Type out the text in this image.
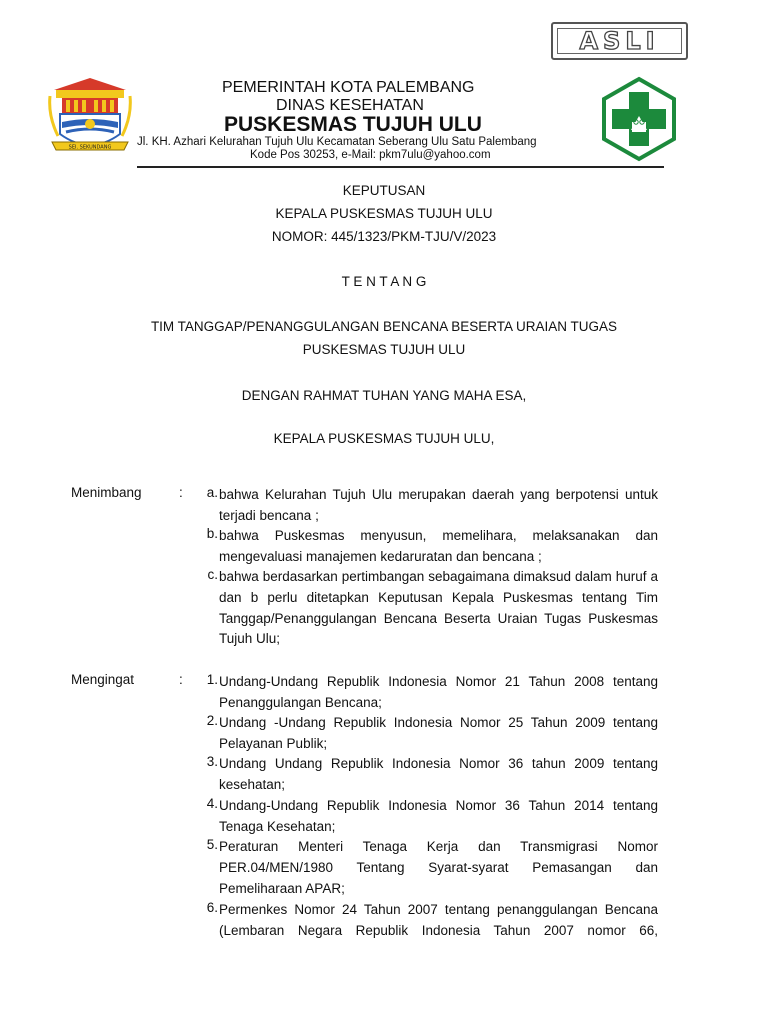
ASLI
SEI. SEKUNDANG
PEMERINTAH KOTA PALEMBANG
DINAS KESEHATAN
PUSKESMAS TUJUH ULU
Jl. KH. Azhari Kelurahan Tujuh Ulu Kecamatan Seberang Ulu Satu Palembang
Kode Pos 30253, e-Mail: pkm7ulu@yahoo.com
KEPUTUSAN
KEPALA PUSKESMAS TUJUH ULU
NOMOR: 445/1323/PKM-TJU/V/2023
T E N T A N G
TIM TANGGAP/PENANGGULANGAN BENCANA BESERTA URAIAN TUGAS
PUSKESMAS TUJUH ULU
DENGAN RAHMAT TUHAN YANG MAHA ESA,
KEPALA PUSKESMAS TUJUH ULU,
Menimbang	:	a. bahwa Kelurahan Tujuh Ulu merupakan daerah yang berpotensi untuk terjadi bencana ;
b. bahwa Puskesmas menyusun, memelihara, melaksanakan dan mengevaluasi manajemen kedaruratan dan bencana ;
c. bahwa berdasarkan pertimbangan sebagaimana dimaksud dalam huruf a dan b perlu ditetapkan Keputusan Kepala Puskesmas tentang Tim Tanggap/Penanggulangan Bencana Beserta Uraian Tugas Puskesmas Tujuh Ulu;
Mengingat	:	1. Undang-Undang Republik Indonesia Nomor 21 Tahun 2008 tentang Penanggulangan Bencana;
2. Undang -Undang Republik Indonesia Nomor 25 Tahun 2009 tentang Pelayanan Publik;
3. Undang Undang Republik Indonesia Nomor 36 tahun 2009 tentang kesehatan;
4. Undang-Undang Republik Indonesia Nomor 36 Tahun 2014 tentang Tenaga Kesehatan;
5. Peraturan Menteri Tenaga Kerja dan Transmigrasi Nomor PER.04/MEN/1980 Tentang Syarat-syarat Pemasangan dan Pemeliharaan APAR;
6. Permenkes Nomor 24 Tahun 2007 tentang penanggulangan Bencana (Lembaran Negara Republik Indonesia Tahun 2007 nomor 66,
